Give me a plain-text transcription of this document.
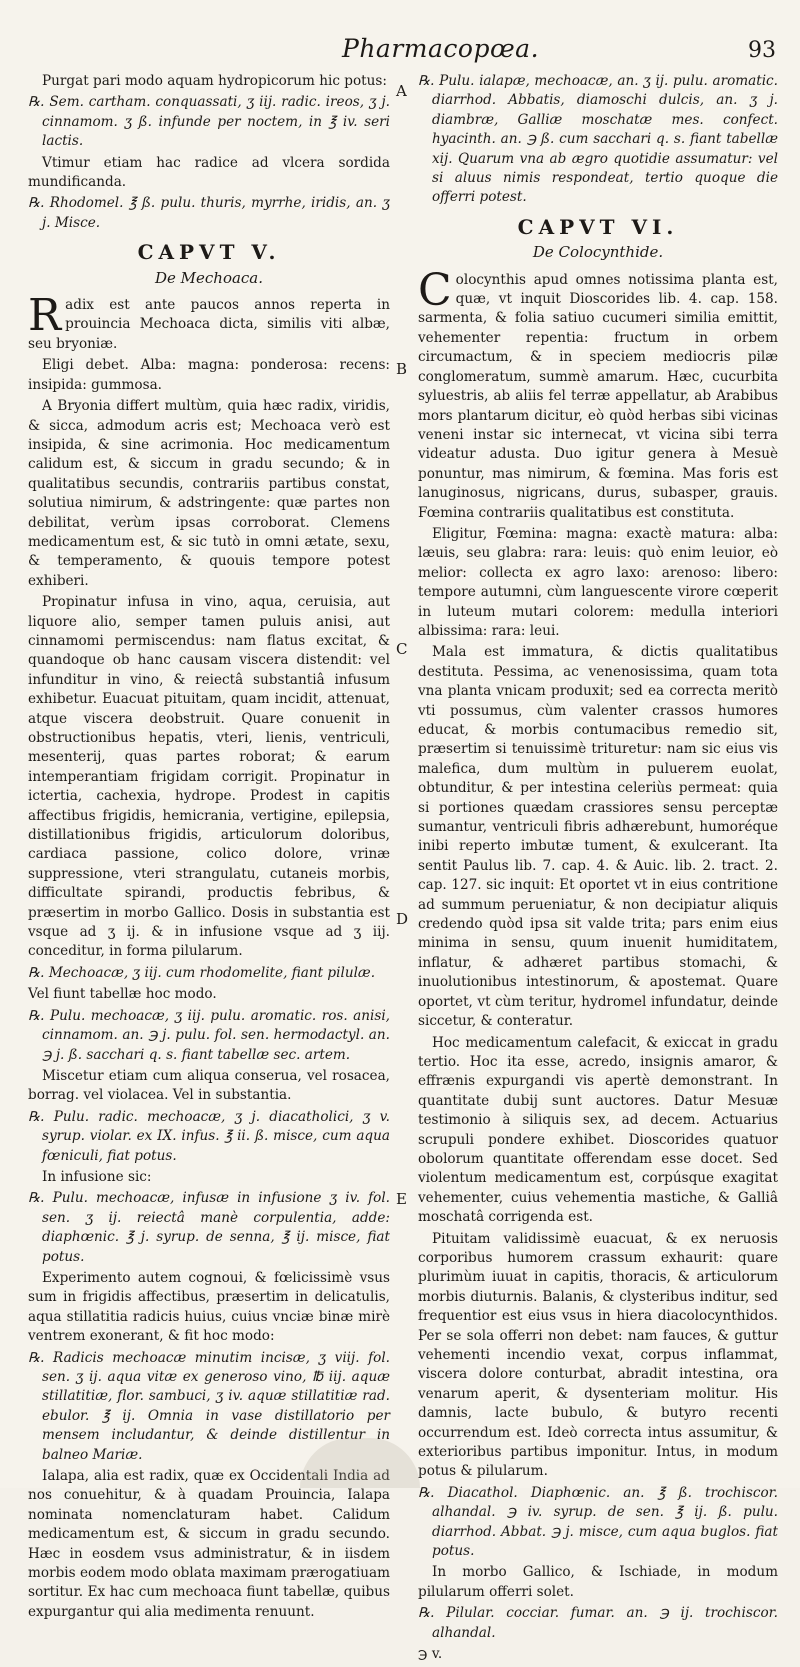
Pharmacopœa.	93
A
B
C
D
E

Purgat pari modo aquam hydropicorum hic potus:

℞. Sem. cartham. conquassati, ʒ iij. radic. ireos, ʒ j. cinnamom. ʒ ß. infunde per noctem, in ℥ iv. seri lactis.

Vtimur etiam hac radice ad vlcera sordida mundificanda.

℞. Rhodomel. ℥ ß. pulu. thuris, myrrhe, iridis, an. ʒ j. Misce.

CAPVT V.
De Mechoaca.

Radix est ante paucos annos reperta in prouincia Mechoaca dicta, similis viti albæ, seu bryoniæ.

Eligi debet. Alba: magna: ponderosa: recens: insipida: gummosa.

A Bryonia differt multùm, quia hæc radix, viridis, & sicca, admodum acris est; Mechoaca verò est insipida, & sine acrimonia. Hoc medicamentum calidum est, & siccum in gradu secundo; & in qualitatibus secundis, contrariis partibus constat, solutiua nimirum, & adstringente: quæ partes non debilitat, verùm ipsas corroborat. Clemens medicamentum est, & sic tutò in omni ætate, sexu, & temperamento, & quouis tempore potest exhiberi.

Propinatur infusa in vino, aqua, ceruisia, aut liquore alio, semper tamen puluis anisi, aut cinnamomi permiscendus: nam flatus excitat, & quandoque ob hanc causam viscera distendit: vel infunditur in vino, & reiectâ substantiâ infusum exhibetur. Euacuat pituitam, quam incidit, attenuat, atque viscera deobstruit. Quare conuenit in obstructionibus hepatis, vteri, lienis, ventriculi, mesenterij, quas partes roborat; & earum intemperantiam frigidam corrigit. Propinatur in ictertia, cachexia, hydrope. Prodest in capitis affectibus frigidis, hemicrania, vertigine, epilepsia, distillationibus frigidis, articulorum doloribus, cardiaca passione, colico dolore, vrinæ suppressione, vteri strangulatu, cutaneis morbis, difficultate spirandi, productis febribus, & præsertim in morbo Gallico. Dosis in substantia est vsque ad ʒ ij. & in infusione vsque ad ʒ iij. conceditur, in forma pilularum.

℞. Mechoacæ, ʒ iij. cum rhodomelite, fiant pilulæ.

Vel fiunt tabellæ hoc modo.

℞. Pulu. mechoacæ, ʒ iij. pulu. aromatic. ros. anisi, cinnamom. an. ℈ j. pulu. fol. sen. hermodactyl. an. ℈ j. ß. sacchari q. s. fiant tabellæ sec. artem.

Miscetur etiam cum aliqua conserua, vel rosacea, borrag. vel violacea. Vel in substantia.

℞. Pulu. radic. mechoacæ, ʒ j. diacatholici, ʒ v. syrup. violar. ex IX. infus. ℥ ii. ß. misce, cum aqua fœniculi, fiat potus.

In infusione sic:

℞. Pulu. mechoacæ, infusæ in infusione ʒ iv. fol. sen. ʒ ij. reiectâ manè corpulentia, adde: diaphœnic. ℥ j. syrup. de senna, ℥ ij. misce, fiat potus.

Experimento autem cognoui, & fœlicissimè vsus sum in frigidis affectibus, præsertim in delicatulis, aqua stillatitia radicis huius, cuius vnciæ binæ mirè ventrem exonerant, & fit hoc modo:

℞. Radicis mechoacæ minutim incisæ, ʒ viij. fol. sen. ʒ ij. aqua vitæ ex generoso vino, ℔ iij. aquæ stillatitiæ, flor. sambuci, ʒ iv. aquæ stillatitiæ rad. ebulor. ℥ ij. Omnia in vase distillatorio per mensem includantur, & deinde distillentur in balneo Mariæ.

Ialapa, alia est radix, quæ ex Occidentali India ad nos conuehitur, & à quadam Prouincia, Ialapa nominata nomenclaturam habet. Calidum medicamentum est, & siccum in gradu secundo. Hæc in eosdem vsus administratur, & in iisdem morbis eodem modo oblata maximam prærogatiuam sortitur. Ex hac cum mechoaca fiunt tabellæ, quibus expurgantur qui alia medimenta renuunt.

℞. Pulu. ialapæ, mechoacæ, an. ʒ ij. pulu. aromatic. diarrhod. Abbatis, diamoschi dulcis, an. ʒ j. diambræ, Galliæ moschatæ mes. confect. hyacinth. an. ℈ ß. cum sacchari q. s. fiant tabellæ xij. Quarum vna ab ægro quotidie assumatur: vel si aluus nimis respondeat, tertio quoque die offerri potest.

CAPVT VI.
De Colocynthide.

Colocynthis apud omnes notissima planta est, quæ, vt inquit Dioscorides lib. 4. cap. 158. sarmenta, & folia satiuo cucumeri similia emittit, vehementer repentia: fructum in orbem circumactum, & in speciem mediocris pilæ conglomeratum, summè amarum. Hæc, cucurbita syluestris, ab aliis fel terræ appellatur, ab Arabibus mors plantarum dicitur, eò quòd herbas sibi vicinas veneni instar sic internecat, vt vicina sibi terra videatur adusta. Duo igitur genera à Mesuè ponuntur, mas nimirum, & fœmina. Mas foris est lanuginosus, nigricans, durus, subasper, grauis. Fœmina contrariis qualitatibus est constituta.

Eligitur, Fœmina: magna: exactè matura: alba: læuis, seu glabra: rara: leuis: quò enim leuior, eò melior: collecta ex agro laxo: arenoso: libero: tempore autumni, cùm languescente virore cœperit in luteum mutari colorem: medulla interiori albissima: rara: leui.

Mala est immatura, & dictis qualitatibus destituta. Pessima, ac venenosissima, quam tota vna planta vnicam produxit; sed ea correcta meritò vti possumus, cùm valenter crassos humores educat, & morbis contumacibus remedio sit, præsertim si tenuissimè trituretur: nam sic eius vis malefica, dum multùm in puluerem euolat, obtunditur, & per intestina celeriùs permeat: quia si portiones quædam crassiores sensu perceptæ sumantur, ventriculi fibris adhærebunt, humoréque inibi reperto imbutæ tument, & exulcerant. Ita sentit Paulus lib. 7. cap. 4. & Auic. lib. 2. tract. 2. cap. 127. sic inquit: Et oportet vt in eius contritione ad summum perueniatur, & non decipiatur aliquis credendo quòd ipsa sit valde trita; pars enim eius minima in sensu, quum inuenit humiditatem, inflatur, & adhæret partibus stomachi, & inuolutionibus intestinorum, & apostemat. Quare oportet, vt cùm teritur, hydromel infundatur, deinde siccetur, & conteratur.

Hoc medicamentum calefacit, & exiccat in gradu tertio. Hoc ita esse, acredo, insignis amaror, & effrænis expurgandi vis apertè demonstrant. In quantitate dubij sunt auctores. Datur Mesuæ testimonio à siliquis sex, ad decem. Actuarius scrupuli pondere exhibet. Dioscorides quatuor obolorum quantitate offerendam esse docet. Sed violentum medicamentum est, corpúsque exagitat vehementer, cuius vehementia mastiche, & Galliâ moschatâ corrigenda est.

Pituitam validissimè euacuat, & ex neruosis corporibus humorem crassum exhaurit: quare plurimùm iuuat in capitis, thoracis, & articulorum morbis diuturnis. Balanis, & clysteribus inditur, sed frequentior est eius vsus in hiera diacolocynthidos. Per se sola offerri non debet: nam fauces, & guttur vehementi incendio vexat, corpus inflammat, viscera dolore conturbat, abradit intestina, ora venarum aperit, & dysenteriam molitur. His damnis, lacte bubulo, & butyro recenti occurrendum est. Ideò correcta intus assumitur, & exterioribus partibus imponitur. Intus, in modum potus & pilularum.

℞. Diacathol. Diaphœnic. an. ℥ ß. trochiscor. alhandal. ℈ iv. syrup. de sen. ℥ ij. ß. pulu. diarrhod. Abbat. ℈ j. misce, cum aqua buglos. fiat potus.

In morbo Gallico, & Ischiade, in modum pilularum offerri solet.

℞. Pilular. cocciar. fumar. an. ℈ ij. trochiscor. alhandal.

℈ v.
